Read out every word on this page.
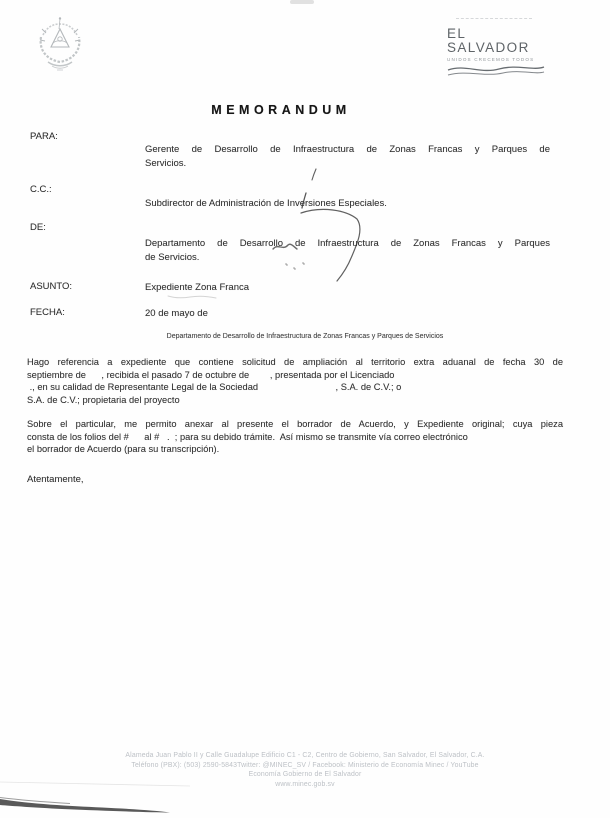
EL SALVADOR
UNIDOS CRECEMOS TODOS
MEMORANDUM
PARA:
Gerente de Desarrollo de Infraestructura de Zonas Francas y Parques de
Servicios.
C.C.:
Subdirector de Administración de Inversiones Especiales.
DE:
Departamento de Desarrollo de Infraestructura de Zonas Francas y Parques
de Servicios.
ASUNTO:	Expediente Zona Franca
FECHA:	20 de mayo de
Departamento de Desarrollo de Infraestructura de Zonas Francas y Parques de Servicios
Hago referencia a expediente que contiene solicitud de ampliación al territorio extra aduanal de fecha 30 de
septiembre de      , recibida el pasado 7 de octubre de        , presentada por el Licenciado
., en su calidad de Representante Legal de la Sociedad                              , S.A. de C.V.; o
S.A. de C.V.; propietaria del proyecto
Sobre el particular, me permito anexar al presente el borrador de Acuerdo, y Expediente original; cuya pieza
consta de los folios del #      al #   .  ; para su debido trámite.  Así mismo se transmite vía correo electrónico
el borrador de Acuerdo (para su transcripción).
Atentamente,
Alameda Juan Pablo II y Calle Guadalupe Edificio C1 - C2, Centro de Gobierno, San Salvador, El Salvador, C.A.
Teléfono (PBX): (503) 2590-5843Twitter: @MINEC_SV / Facebook: Ministerio de Economía Minec / YouTube
Economía Gobierno de El Salvador
www.minec.gob.sv
